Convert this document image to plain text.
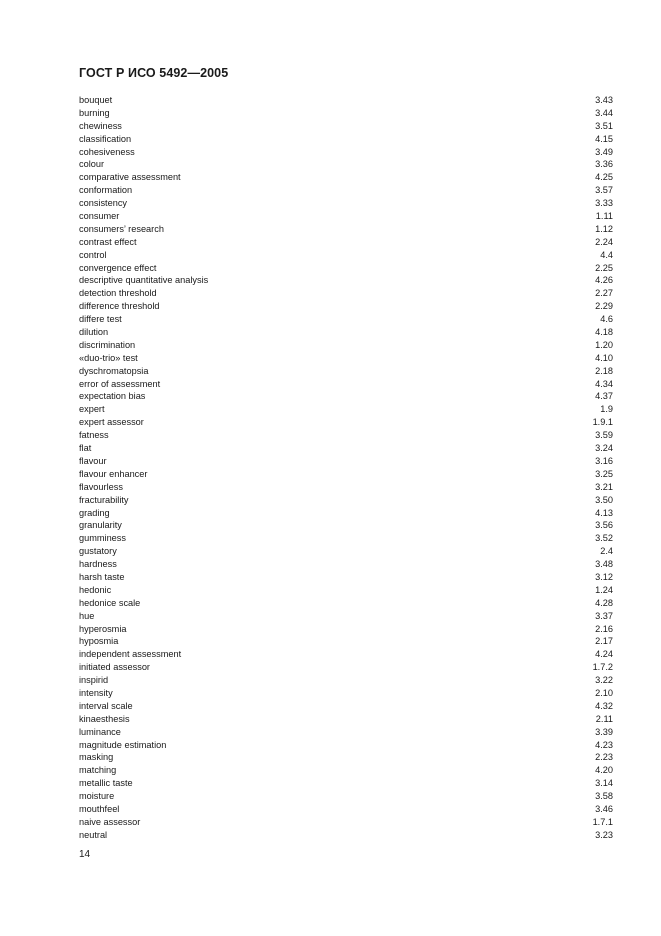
ГОСТ Р ИСО 5492—2005
bouquet	3.43
burning	3.44
chewiness	3.51
classification	4.15
cohesiveness	3.49
colour	3.36
comparative assessment	4.25
conformation	3.57
consistency	3.33
consumer	1.11
consumers’ research	1.12
contrast effect	2.24
control	4.4
convergence effect	2.25
descriptive quantitative analysis	4.26
detection threshold	2.27
difference threshold	2.29
differe test	4.6
dilution	4.18
discrimination	1.20
«duo-trio» test	4.10
dyschromatopsia	2.18
error of assessment	4.34
expectation bias	4.37
expert	1.9
expert assessor	1.9.1
fatness	3.59
flat	3.24
flavour	3.16
flavour enhancer	3.25
flavourless	3.21
fracturability	3.50
grading	4.13
granularity	3.56
gumminess	3.52
gustatory	2.4
hardness	3.48
harsh taste	3.12
hedonic	1.24
hedonice scale	4.28
hue	3.37
hyperosmia	2.16
hyposmia	2.17
independent assessment	4.24
initiated assessor	1.7.2
inspirid	3.22
intensity	2.10
interval scale	4.32
kinaesthesis	2.11
luminance	3.39
magnitude estimation	4.23
masking	2.23
matching	4.20
metallic taste	3.14
moisture	3.58
mouthfeel	3.46
naive assessor	1.7.1
neutral	3.23
14
